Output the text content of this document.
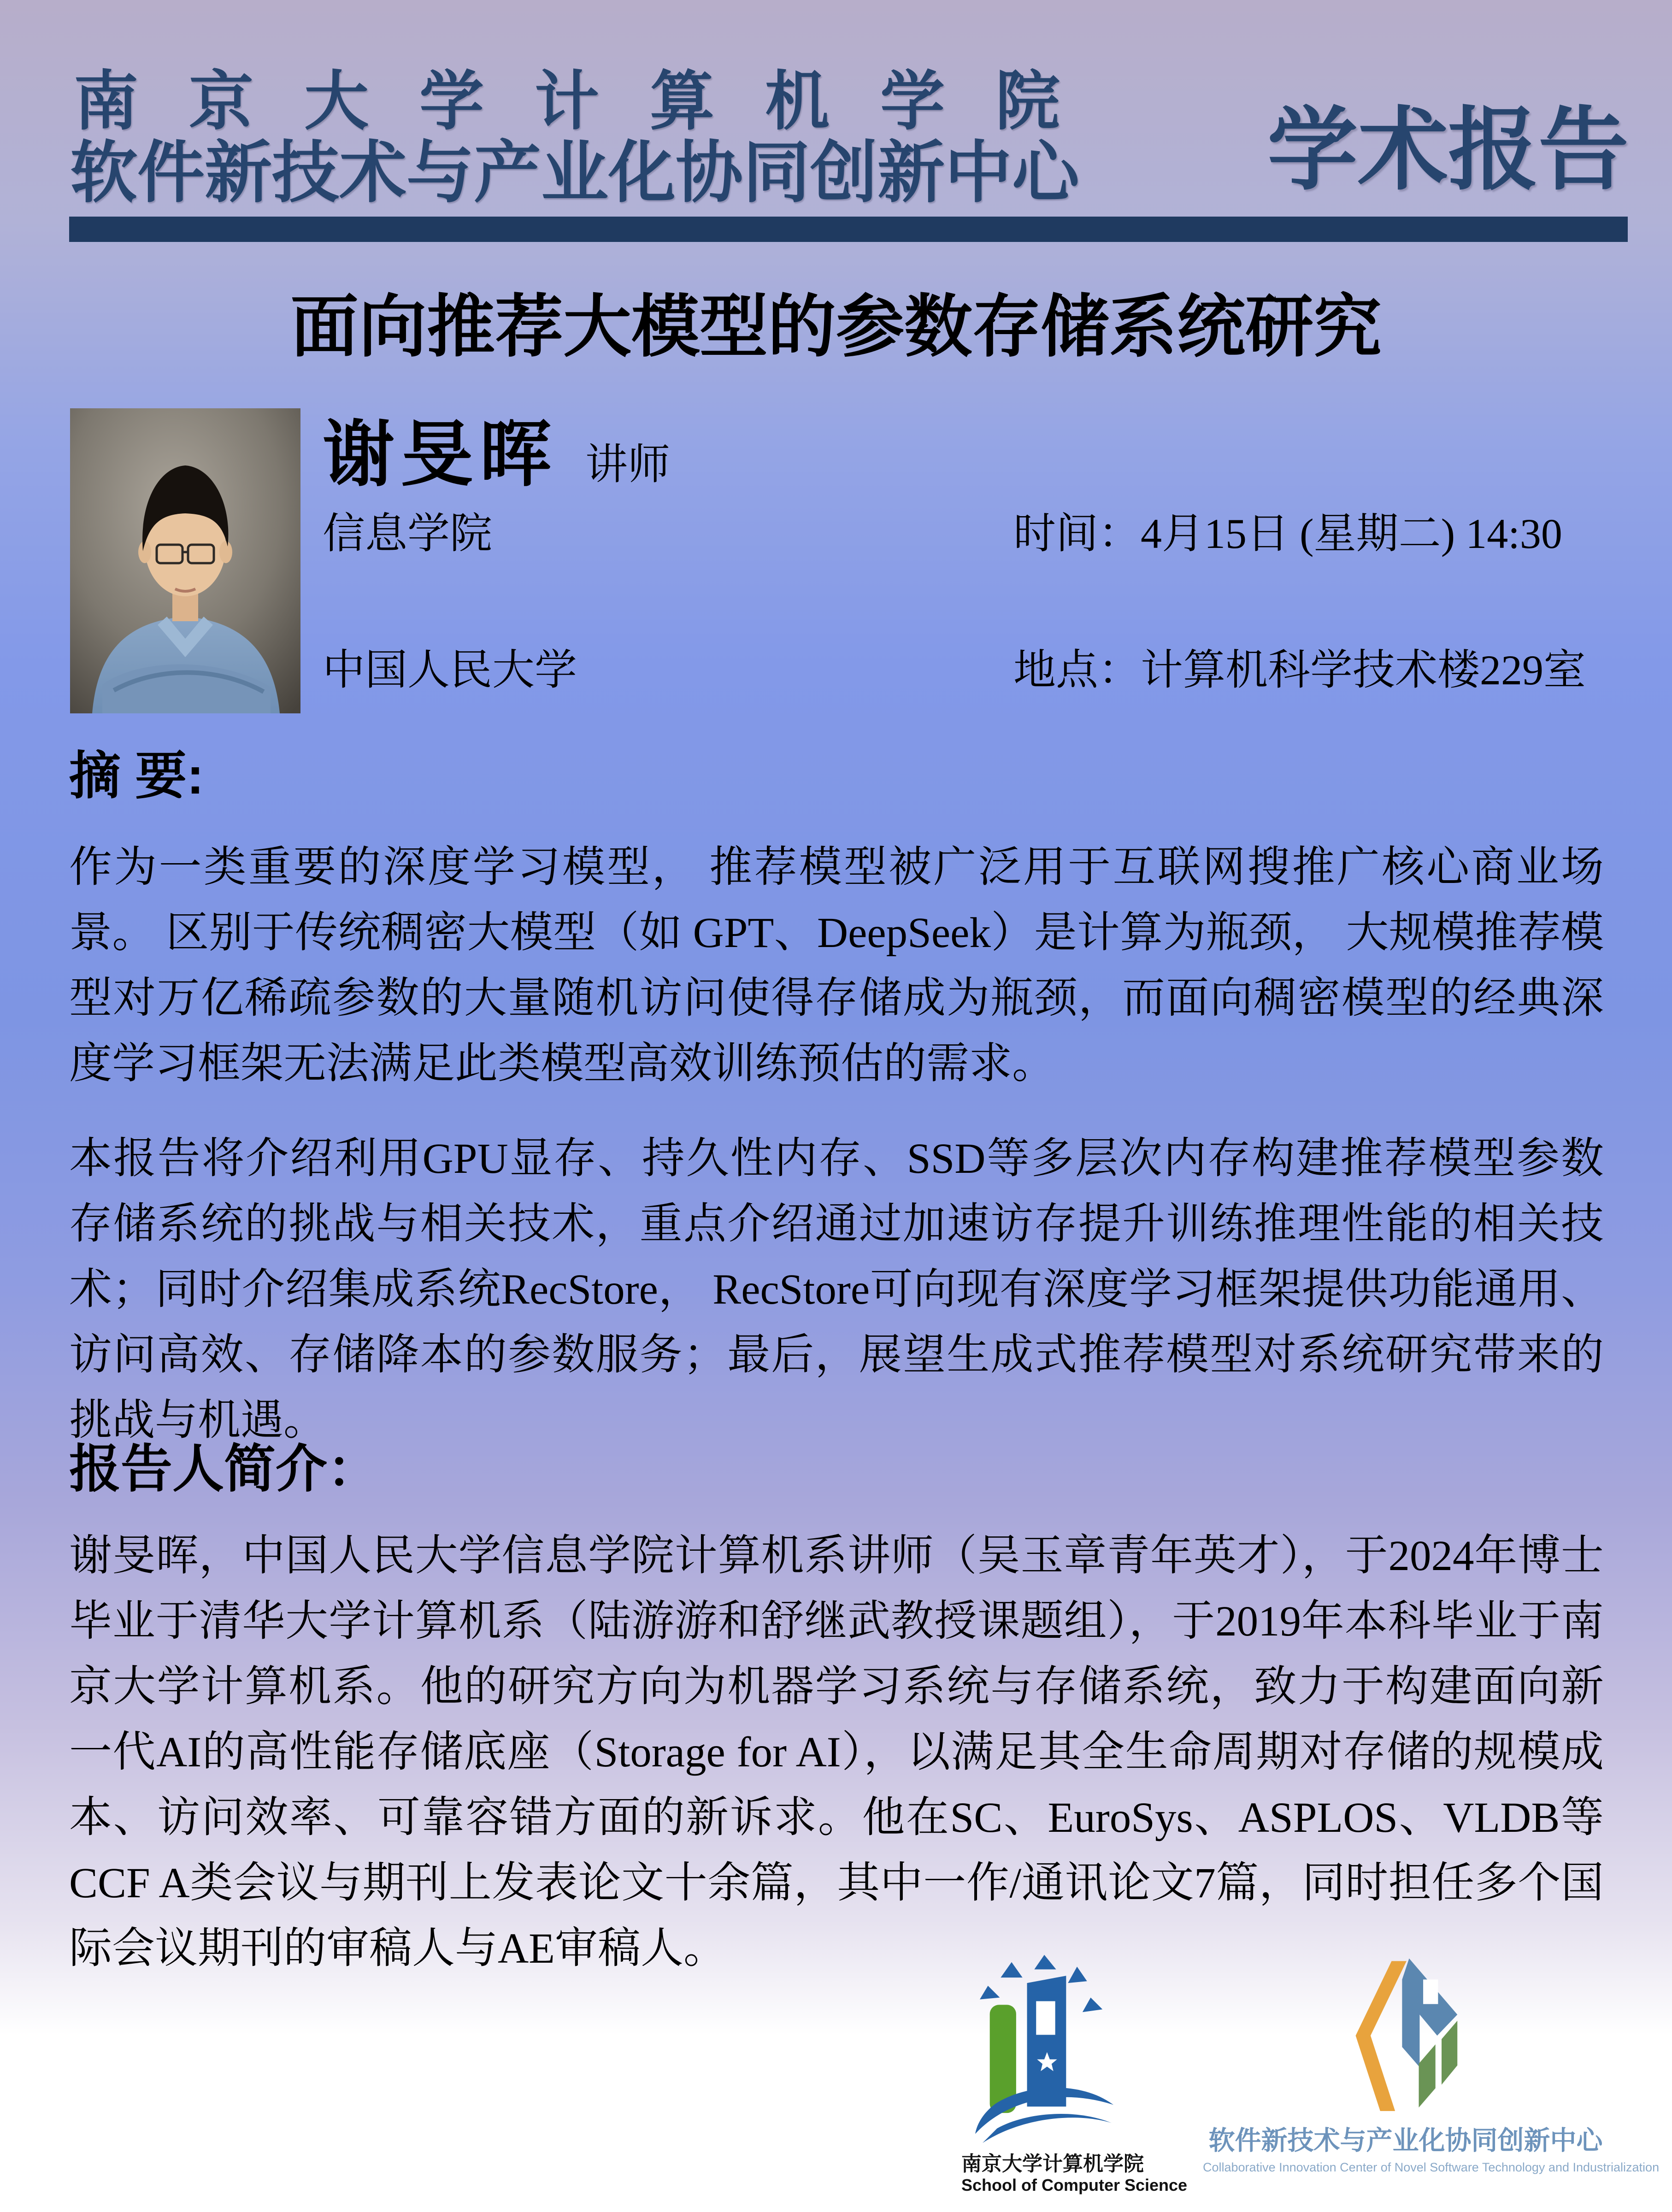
南京大学计算机学院
软件新技术与产业化协同创新中心 学术报告
面向推荐大模型的参数存储系统研究
谢旻晖 讲师
信息学院
中国人民大学
时间：4月15日 (星期二) 14:30
地点：计算机科学技术楼229室
摘 要:

作为一类重要的深度学习模型， 推荐模型被广泛用于互联网搜推广核心商业场景。 区别于传统稠密大模型（如 GPT、DeepSeek）是计算为瓶颈， 大规模推荐模型对万亿稀疏参数的大量随机访问使得存储成为瓶颈，而面向稠密模型的经典深度学习框架无法满足此类模型高效训练预估的需求。

本报告将介绍利用GPU显存、持久性内存、SSD等多层次内存构建推荐模型参数存储系统的挑战与相关技术，重点介绍通过加速访存提升训练推理性能的相关技术；同时介绍集成系统RecStore， RecStore可向现有深度学习框架提供功能通用、访问高效、存储降本的参数服务；最后，展望生成式推荐模型对系统研究带来的挑战与机遇。

报告人简介：

谢旻晖，中国人民大学信息学院计算机系讲师（吴玉章青年英才），于2024年博士毕业于清华大学计算机系（陆游游和舒继武教授课题组），于2019年本科毕业于南京大学计算机系。他的研究方向为机器学习系统与存储系统，致力于构建面向新一代AI的高性能存储底座（Storage for AI），以满足其全生命周期对存储的规模成本、访问效率、可靠容错方面的新诉求。他在SC、EuroSys、ASPLOS、VLDB等CCF A类会议与期刊上发表论文十余篇，其中一作/通讯论文7篇，同时担任多个国际会议期刊的审稿人与AE审稿人。

南京大学计算机学院
School of Computer Science
软件新技术与产业化协同创新中心
Collaborative Innovation Center of Novel Software Technology and Industrialization
